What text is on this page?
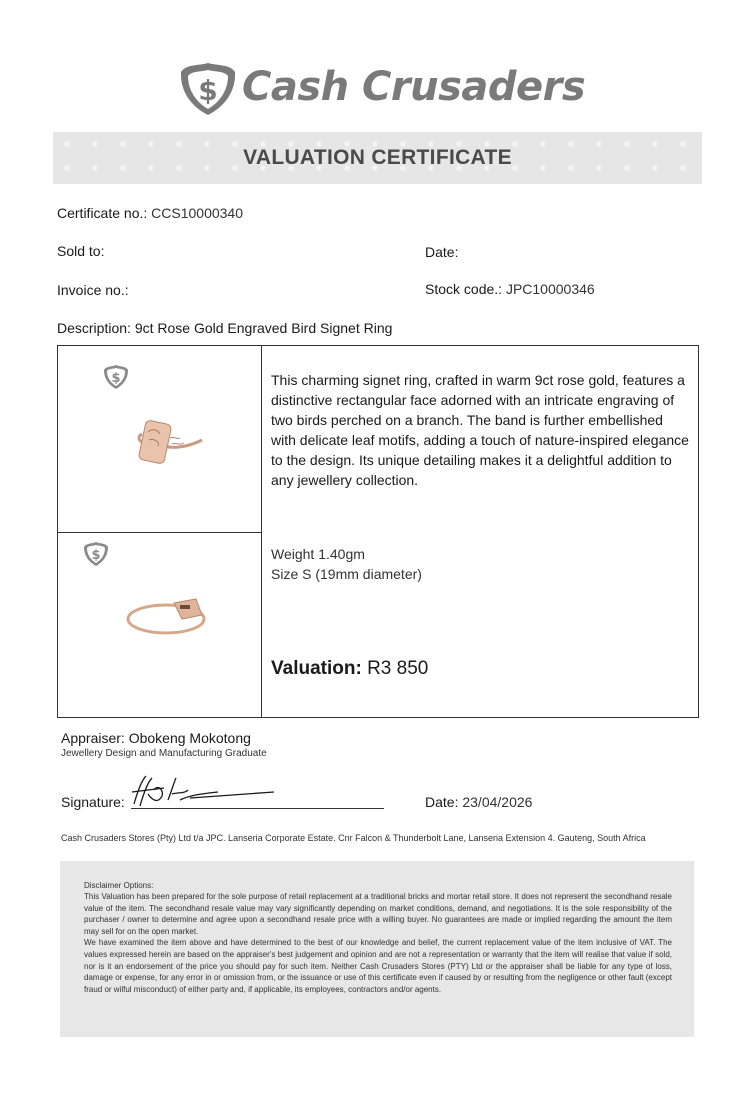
$ Cash Crusaders
VALUATION CERTIFICATE
Certificate no.: CCS10000340
Sold to:	Date:
Invoice no.:	Stock code.: JPC10000346
Description: 9ct Rose Gold Engraved Bird Signet Ring
$
$
This charming signet ring, crafted in warm 9ct rose gold, features a distinctive rectangular face adorned with an intricate engraving of two birds perched on a branch. The band is further embellished with delicate leaf motifs, adding a touch of nature-inspired elegance to the design. Its unique detailing makes it a delightful addition to any jewellery collection.
Weight 1.40gm
Size S (19mm diameter)
Valuation: R3 850
Appraiser: Obokeng Mokotong
Jewellery Design and Manufacturing Graduate
Signature:	Date: 23/04/2026
Cash Crusaders Stores (Pty) Ltd t/a JPC. Lanseria Corporate Estate. Cnr Falcon & Thunderbolt Lane, Lanseria Extension 4. Gauteng, South Africa
Disclaimer Options:

This Valuation has been prepared for the sole purpose of retail replacement at a traditional bricks and mortar retail store. It does not represent the secondhand resale value of the item. The secondhand resale value may vary significantly depending on market conditions, demand, and negotiations. It is the sole responsibility of the purchaser / owner to determine and agree upon a secondhand resale price with a willing buyer. No guarantees are made or implied regarding the amount the item may sell for on the open market.

We have examined the item above and have determined to the best of our knowledge and belief, the current replacement value of the item inclusive of VAT. The values expressed herein are based on the appraiser's best judgement and opinion and are not a representation or warranty that the item will realise that value if sold, nor is it an endorsement of the price you should pay for such item. Neither Cash Crusaders Stores (PTY) Ltd or the appraiser shall be liable for any type of loss, damage or expense, for any error in or omission from, or the issuance or use of this certificate even if caused by or resulting from the negligence or other fault (except fraud or wilful misconduct) of either party and, if applicable, its employees, contractors and/or agents.
